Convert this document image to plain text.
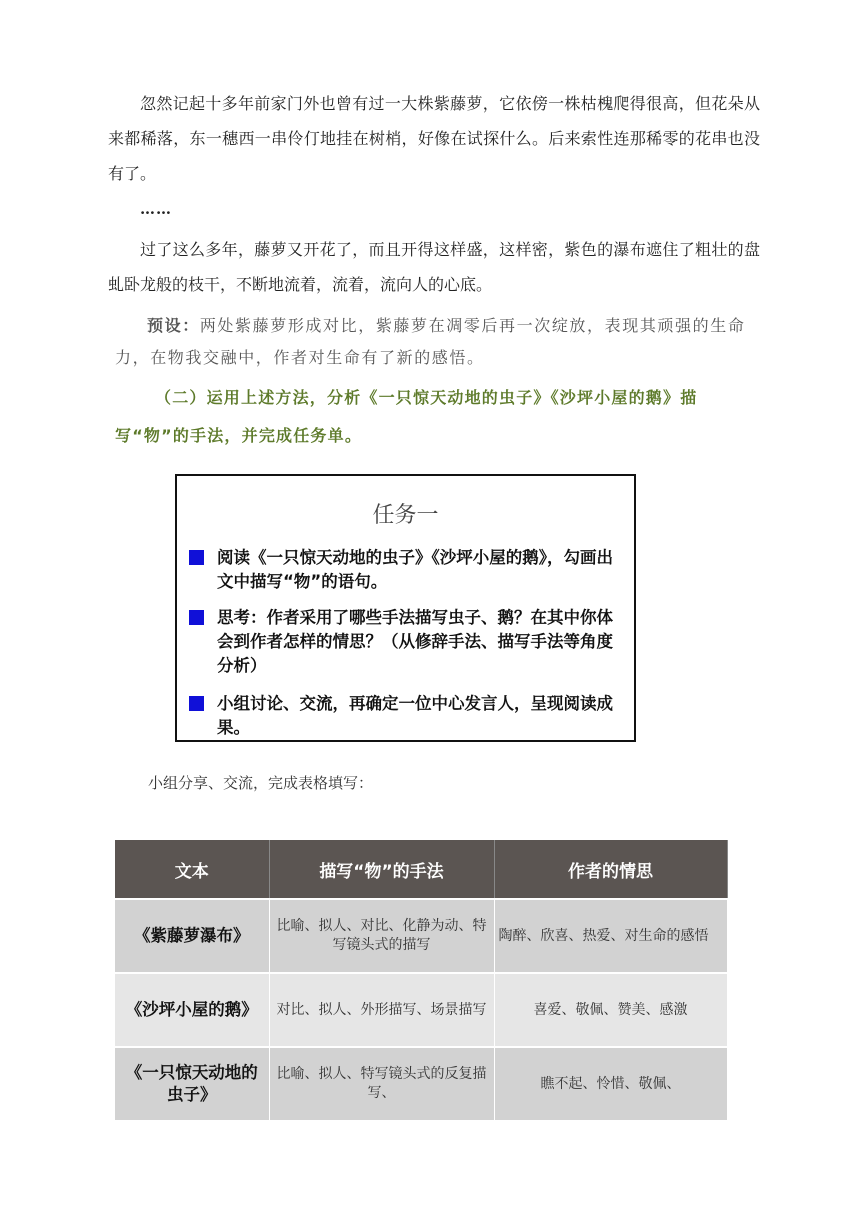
忽然记起十多年前家门外也曾有过一大株紫藤萝，它依傍一株枯槐爬得很高，但花朵从来都稀落，东一穗西一串伶仃地挂在树梢，好像在试探什么。后来索性连那稀零的花串也没有了。

……

过了这么多年，藤萝又开花了，而且开得这样盛，这样密，紫色的瀑布遮住了粗壮的盘虬卧龙般的枝干，不断地流着，流着，流向人的心底。

预设：两处紫藤萝形成对比，紫藤萝在凋零后再一次绽放，表现其顽强的生命力，在物我交融中，作者对生命有了新的感悟。

（二）运用上述方法，分析《一只惊天动地的虫子》《沙坪小屋的鹅》描写“物”的手法，并完成任务单。

任务一
阅读《一只惊天动地的虫子》《沙坪小屋的鹅》，勾画出文中描写“物”的语句。
思考：作者采用了哪些手法描写虫子、鹅？在其中你体会到作者怎样的情思？（从修辞手法、描写手法等角度分析）
小组讨论、交流，再确定一位中心发言人，呈现阅读成果。
小组分享、交流，完成表格填写：
文本	描写“物”的手法	作者的情思
《紫藤萝瀑布》	比喻、拟人、对比、化静为动、特写镜头式的描写	陶醉、欣喜、热爱、对生命的感悟
《沙坪小屋的鹅》	对比、拟人、外形描写、场景描写	喜爱、敬佩、赞美、感激
《一只惊天动地的虫子》	比喻、拟人、特写镜头式的反复描写、	瞧不起、怜惜、敬佩、
